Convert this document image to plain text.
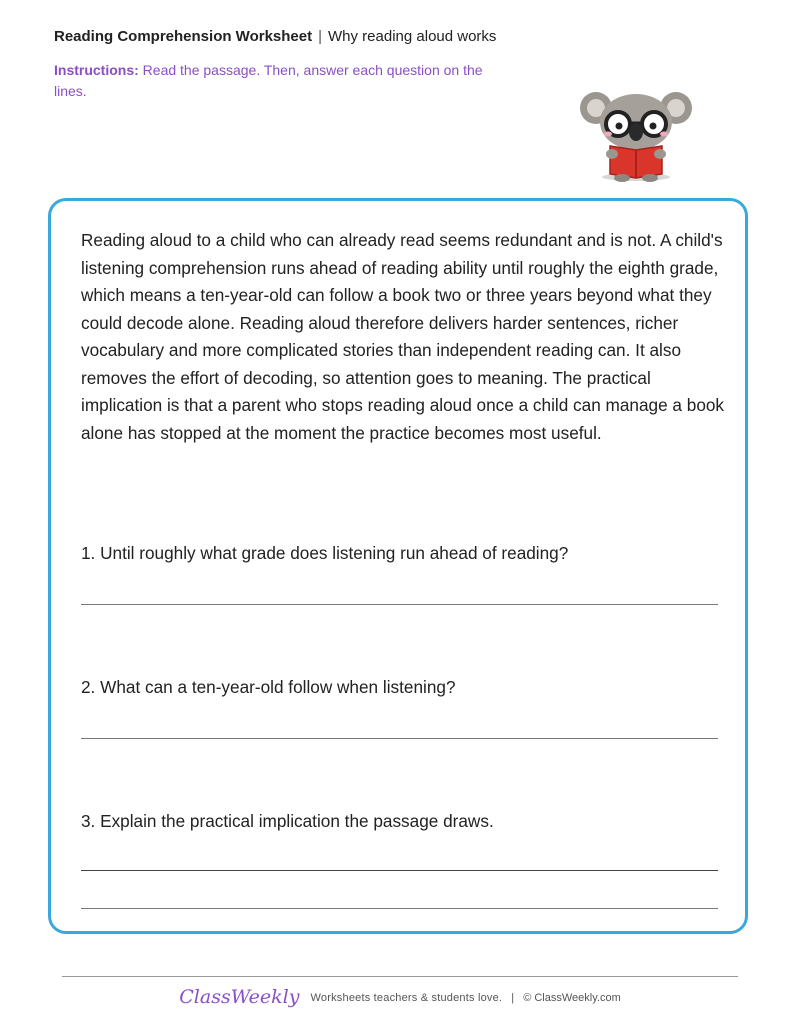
Reading Comprehension Worksheet | Why reading aloud works
Instructions: Read the passage. Then, answer each question on the lines.
Reading aloud to a child who can already read seems redundant and is not. A child's listening comprehension runs ahead of reading ability until roughly the eighth grade, which means a ten-year-old can follow a book two or three years beyond what they could decode alone. Reading aloud therefore delivers harder sentences, richer vocabulary and more complicated stories than independent reading can. It also removes the effort of decoding, so attention goes to meaning. The practical implication is that a parent who stops reading aloud once a child can manage a book alone has stopped at the moment the practice becomes most useful.
1. Until roughly what grade does listening run ahead of reading?
2. What can a ten-year-old follow when listening?
3. Explain the practical implication the passage draws.
ClassWeekly Worksheets teachers & students love. | © ClassWeekly.com
